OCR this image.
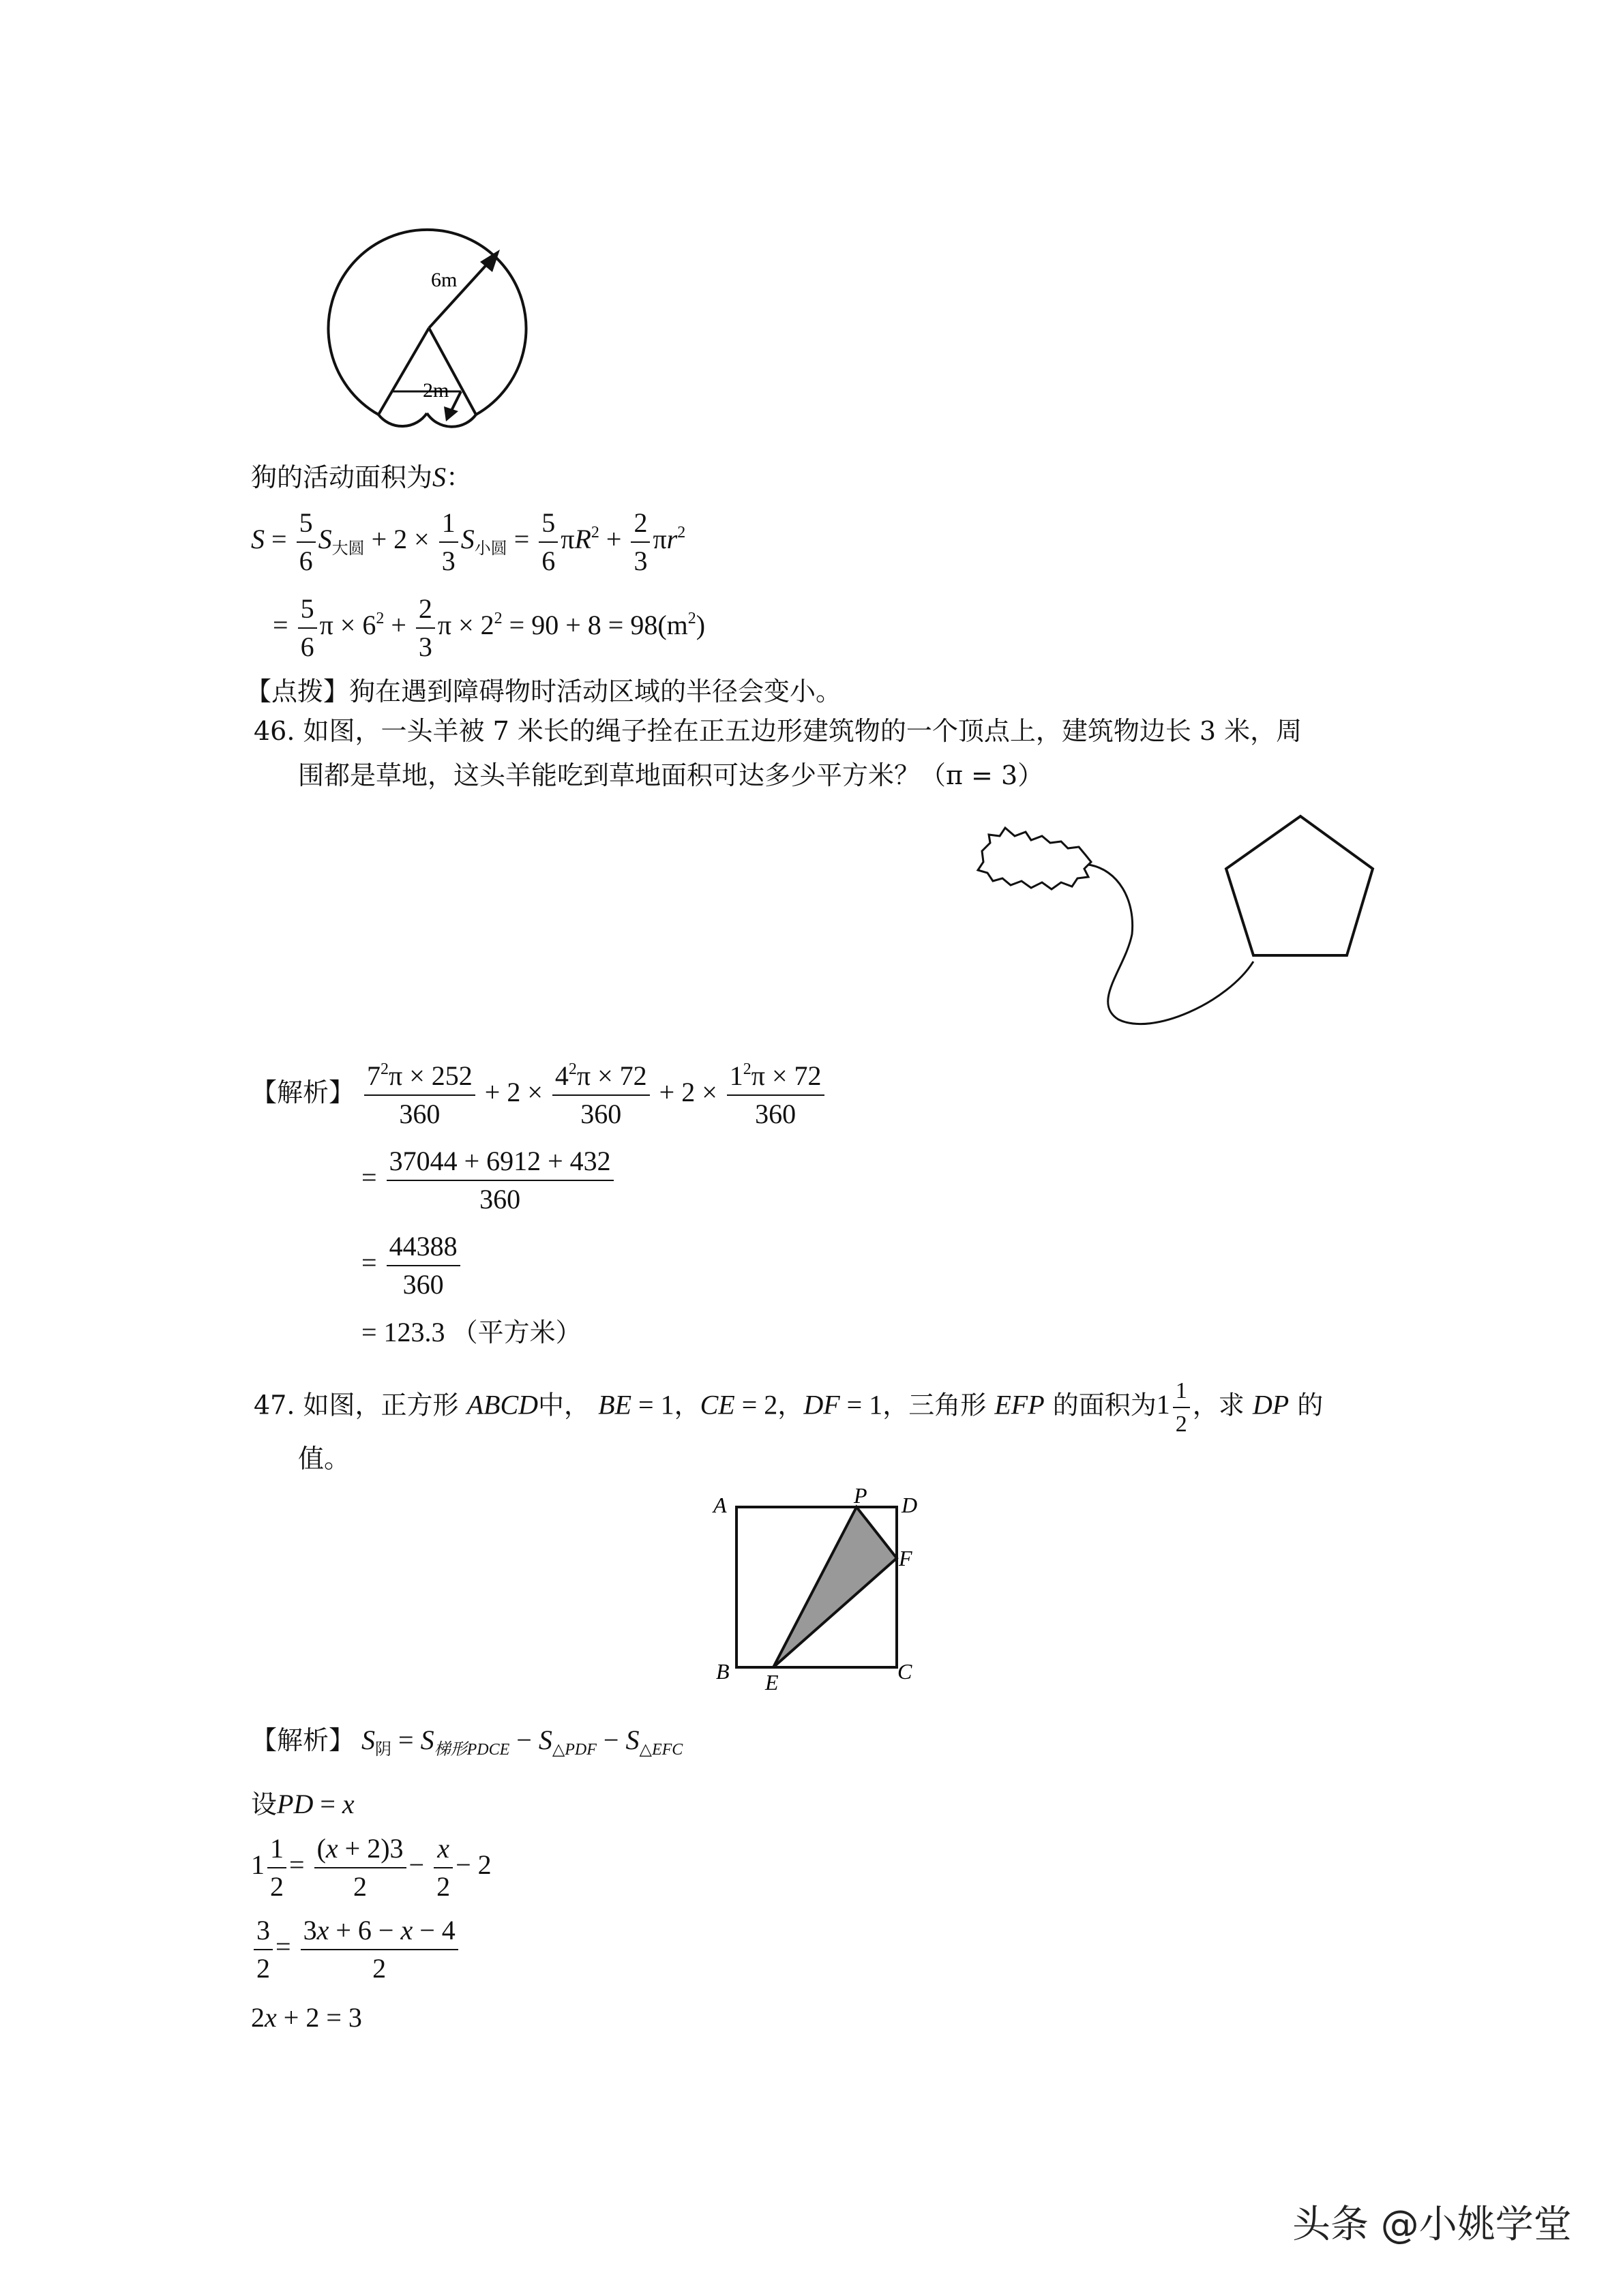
6m
2m
狗的活动面积为S：
$S = \frac{5}{6} S_{大圆} + 2 \times \frac{1}{3} S_{小圆} = \frac{5}{6} \pi R^2 + \frac{2}{3} \pi r^2$
= $\frac{5}{6}$ $\pi \times 6^2 + \frac{2}{3}$ $\pi \times 2^2 = 90 + 8 = 98(m^2)$
【点拨】狗在遇到障碍物时活动区域的半径会变小。
46. 如图，一头羊被 7 米长的绳子拴在正五边形建筑物的一个顶点上，建筑物边长 3 米，周
围都是草地，这头羊能吃到草地面积可达多少平方米？（π = 3）
【解析】 $\frac{7^2\pi \times 252}{360} + 2 \times \frac{4^2\pi \times 72}{360} + 2 \times \frac{1^2\pi \times 72}{360}$
= $\frac{37044 + 6912 + 432}{360}$
= $\frac{44388}{360}$
= 123.3 （平方米）
47. 如图，正方形 ABCD中， BE = 1，CE = 2，DF = 1，三角形 EFP 的面积为$1 \frac{1}{2}$ ，求 DP 的
值。
A	P D
F
B E	C
【解析】 $S_阴 = S_{梯形PDCE} - S_{\triangle PDF} - S_{\triangle EFC}$
设PD = x
$1 \frac{1}{2} = \frac{(x + 2)3}{2} - \frac{x}{2} - 2$
$\frac{3}{2} = \frac{3x + 6 - x - 4}{2}$
2x + 2 = 3
头条 @小姚学堂
